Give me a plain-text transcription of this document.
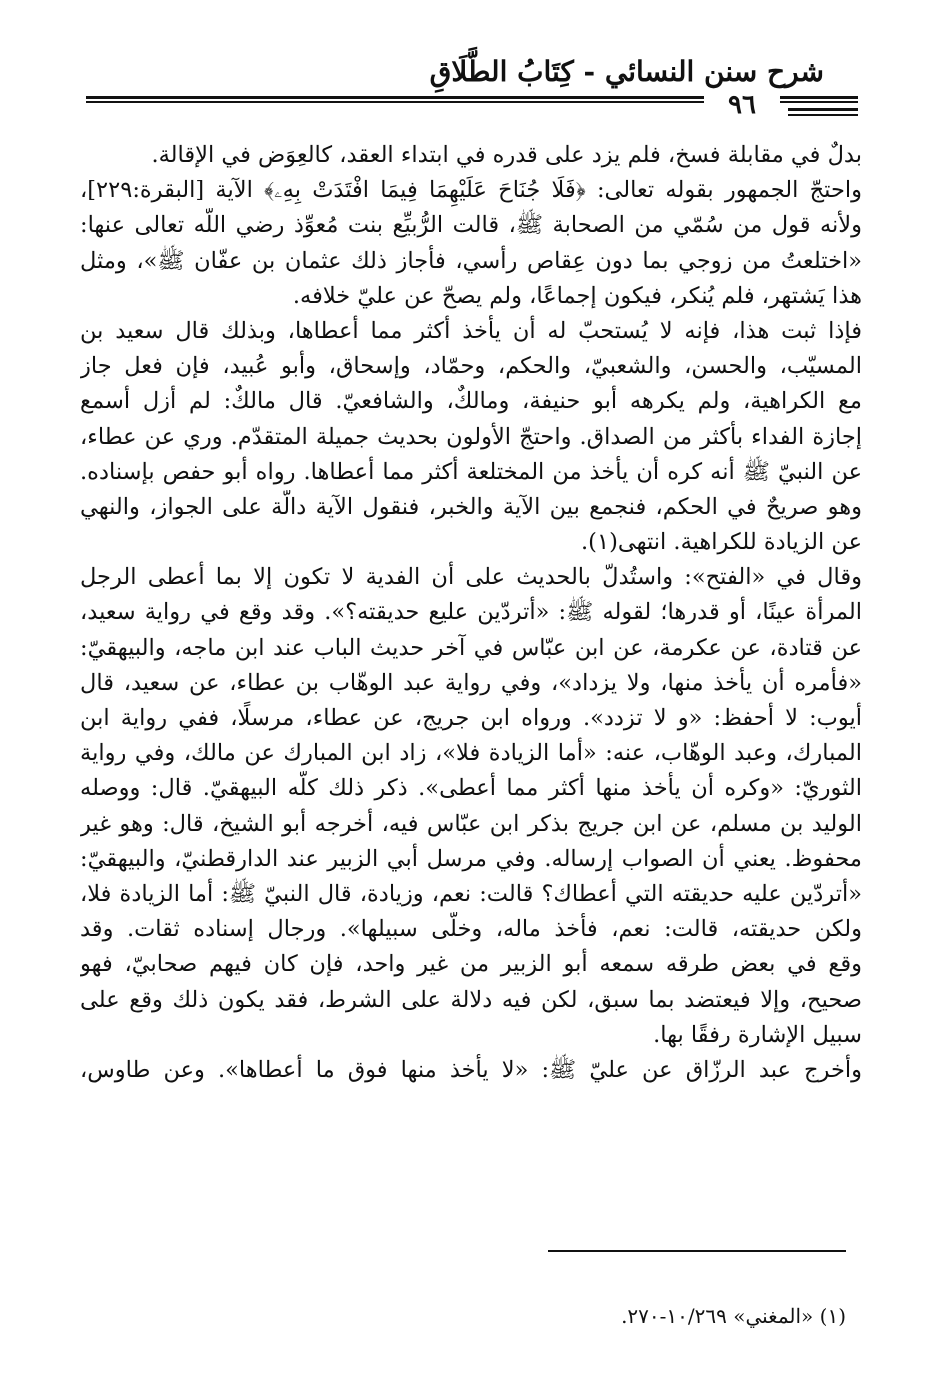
شرح سنن النسائي - كِتَابُ الطَّلَاقِ
٩٦
بدلٌ في مقابلة فسخ، فلم يزد على قدره في ابتداء العقد، كالعِوَض في الإقالة.
واحتجّ الجمهور بقوله تعالى: ﴿فَلَا جُنَاحَ عَلَيْهِمَا فِيمَا افْتَدَتْ بِهِۦ﴾ الآية [البقرة:٢٢٩]،
ولأنه قول من سُمّي من الصحابة ﷺ، قالت الرُّبيِّع بنت مُعوِّذ رضي اللَّه تعالى عنها:
«اختلعتُ من زوجي بما دون عِقاص رأسي، فأجاز ذلك عثمان بن عفّان ﷺ»، ومثل
هذا يَشتهر، فلم يُنكر، فيكون إجماعًا، ولم يصحّ عن عليّ خلافه.
فإذا ثبت هذا، فإنه لا يُستحبّ له أن يأخذ أكثر مما أعطاها، وبذلك قال سعيد بن
المسيّب، والحسن، والشعبيّ، والحكم، وحمّاد، وإسحاق، وأبو عُبيد، فإن فعل جاز
مع الكراهية، ولم يكرهه أبو حنيفة، ومالكٌ، والشافعيّ. قال مالكٌ: لم أزل أسمع
إجازة الفداء بأكثر من الصداق. واحتجّ الأولون بحديث جميلة المتقدّم. وري عن عطاء،
عن النبيّ ﷺ أنه كره أن يأخذ من المختلعة أكثر مما أعطاها. رواه أبو حفص بإسناده.
وهو صريحٌ في الحكم، فنجمع بين الآية والخبر، فنقول الآية دالّة على الجواز، والنهي
عن الزيادة للكراهية. انتهى(١).
وقال في «الفتح»: واستُدلّ بالحديث على أن الفدية لا تكون إلا بما أعطى الرجل
المرأة عينًا، أو قدرها؛ لقوله ﷺ: «أتردّين عليع حديقته؟». وقد وقع في رواية سعيد،
عن قتادة، عن عكرمة، عن ابن عبّاس في آخر حديث الباب عند ابن ماجه، والبيهقيّ:
«فأمره أن يأخذ منها، ولا يزداد»، وفي رواية عبد الوهّاب بن عطاء، عن سعيد، قال
أيوب: لا أحفظ: «و لا تزدد». ورواه ابن جريج، عن عطاء، مرسلًا، ففي رواية ابن
المبارك، وعبد الوهّاب، عنه: «أما الزيادة فلا»، زاد ابن المبارك عن مالك، وفي رواية
الثوريّ: «وكره أن يأخذ منها أكثر مما أعطى». ذكر ذلك كلّه البيهقيّ. قال: ووصله
الوليد بن مسلم، عن ابن جريج بذكر ابن عبّاس فيه، أخرجه أبو الشيخ، قال: وهو غير
محفوظ. يعني أن الصواب إرساله. وفي مرسل أبي الزبير عند الدارقطنيّ، والبيهقيّ:
«أتردّين عليه حديقته التي أعطاك؟ قالت: نعم، وزيادة، قال النبيّ ﷺ: أما الزيادة فلا،
ولكن حديقته، قالت: نعم، فأخذ ماله، وخلّى سبيلها». ورجال إسناده ثقات. وقد
وقع في بعض طرقه سمعه أبو الزبير من غير واحد، فإن كان فيهم صحابيّ، فهو
صحيح، وإلا فيعتضد بما سبق، لكن فيه دلالة على الشرط، فقد يكون ذلك وقع على
سبيل الإشارة رفقًا بها.
وأخرج عبد الرزّاق عن عليّ ﷺ: «لا يأخذ منها فوق ما أعطاها». وعن طاوس،
(١) «المغني» ١٠/٢٦٩-٢٧٠.
